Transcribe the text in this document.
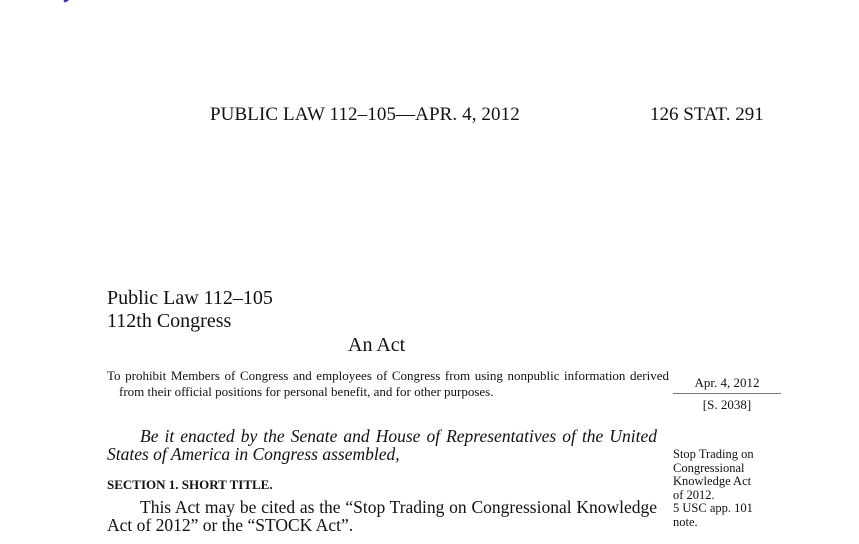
PUBLIC LAW 112–105—APR. 4, 2012	126 STAT. 291
Public Law 112–105
112th Congress
An Act
To prohibit Members of Congress and employees of Congress from using nonpublic information derived from their official positions for personal benefit, and for other purposes.
Apr. 4, 2012
[S. 2038]
Be it enacted by the Senate and House of Representatives of the United States of America in Congress assembled,
SECTION 1. SHORT TITLE.
This Act may be cited as the “Stop Trading on Congressional Knowledge Act of 2012” or the “STOCK Act”.
Stop Trading on
Congressional
Knowledge Act
of 2012.
5 USC app. 101
note.
